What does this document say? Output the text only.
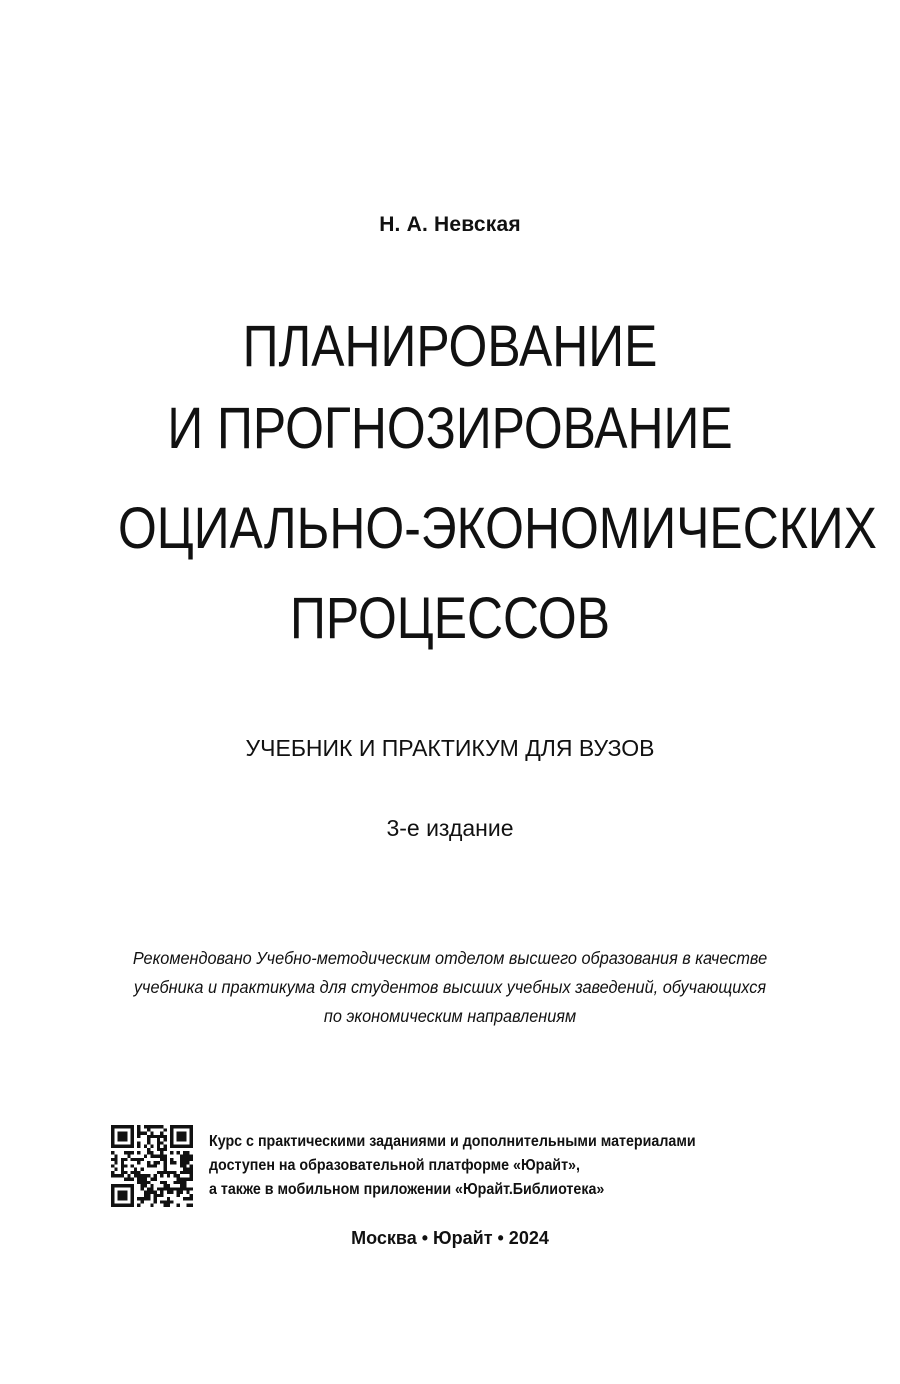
Н. А. Невская
ПЛАНИРОВАНИЕ
И ПРОГНОЗИРОВАНИЕ
ОЦИАЛЬНО-ЭКОНОМИЧЕСКИХ
ПРОЦЕССОВ
УЧЕБНИК И ПРАКТИКУМ ДЛЯ ВУЗОВ
3-е издание
Рекомендовано Учебно-методическим отделом высшего образования в качестве
учебника и практикума для студентов высших учебных заведений, обучающихся
по экономическим направлениям
Курс с практическими заданиями и дополнительными материалами
доступен на образовательной платформе «Юрайт»,
а также в мобильном приложении «Юрайт.Библиотека»
Москва • Юрайт • 2024
